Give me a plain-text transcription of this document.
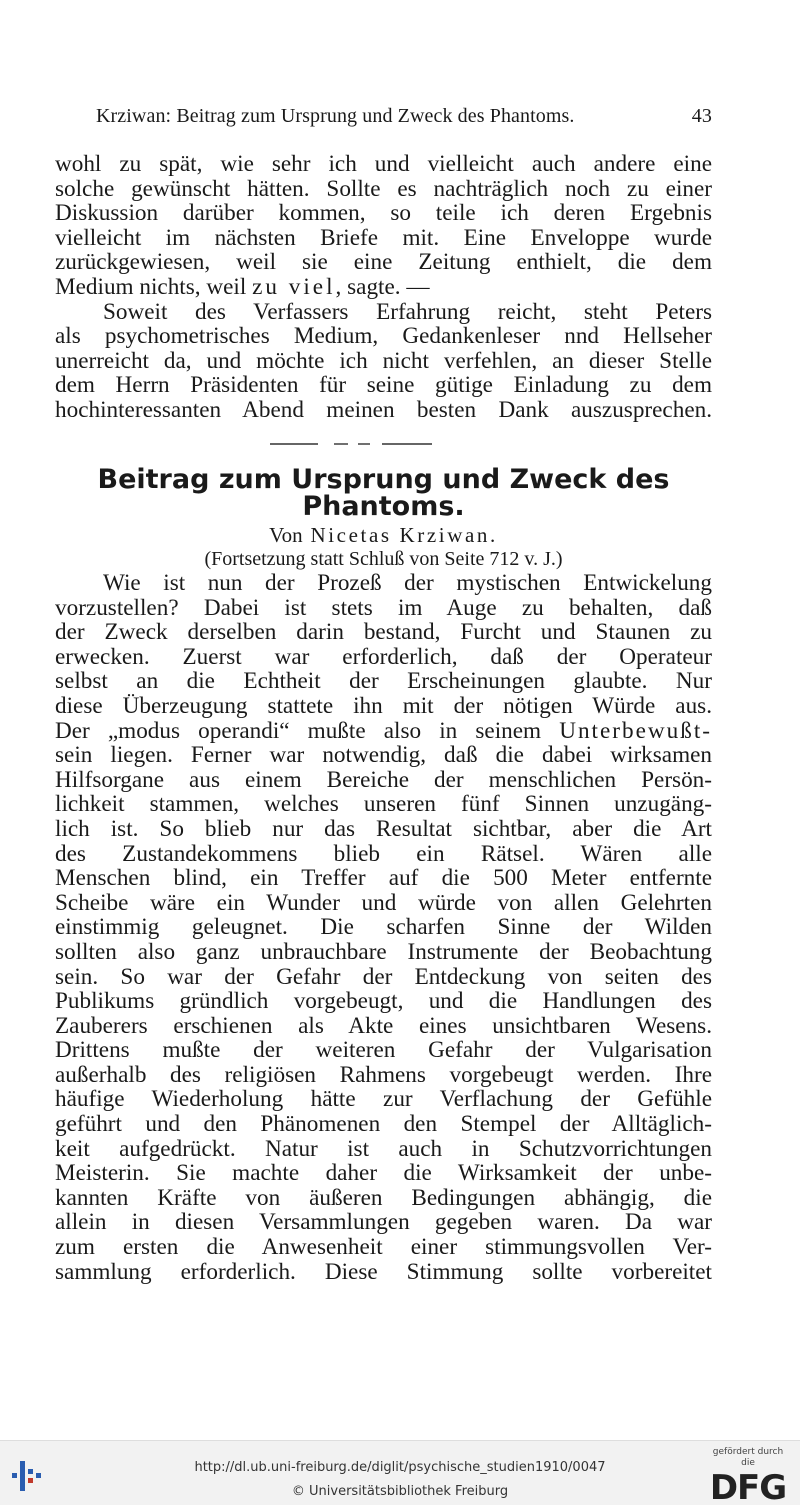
Krziwan: Beitrag zum Ursprung und Zweck des Phantoms.	43

wohl zu spät, wie sehr ich und vielleicht auch andere eine

solche gewünscht hätten. Sollte es nachträglich noch zu einer

Diskussion darüber kommen, so teile ich deren Ergebnis

vielleicht im nächsten Briefe mit. Eine Enveloppe wurde

zurückgewiesen, weil sie eine Zeitung enthielt, die dem

Medium nichts, weil zu viel, sagte. —

Soweit des Verfassers Erfahrung reicht, steht Peters

als psychometrisches Medium, Gedankenleser nnd Hellseher

unerreicht da, und möchte ich nicht verfehlen, an dieser Stelle

dem Herrn Präsidenten für seine gütige Einladung zu dem

hochinteressanten Abend meinen besten Dank auszusprechen.

Beitrag zum Ursprung und Zweck des
Phantoms.
Von Nicetas Krziwan.
(Fortsetzung statt Schluß von Seite 712 v. J.)

Wie ist nun der Prozeß der mystischen Entwickelung

vorzustellen? Dabei ist stets im Auge zu behalten, daß

der Zweck derselben darin bestand, Furcht und Staunen zu

erwecken. Zuerst war erforderlich, daß der Operateur

selbst an die Echtheit der Erscheinungen glaubte. Nur

diese Überzeugung stattete ihn mit der nötigen Würde aus.

Der „modus operandi“ mußte also in seinem Unterbewußt-

sein liegen. Ferner war notwendig, daß die dabei wirksamen

Hilfsorgane aus einem Bereiche der menschlichen Persön-

lichkeit stammen, welches unseren fünf Sinnen unzugäng-

lich ist. So blieb nur das Resultat sichtbar, aber die Art

des Zustandekommens blieb ein Rätsel. Wären alle

Menschen blind, ein Treffer auf die 500 Meter entfernte

Scheibe wäre ein Wunder und würde von allen Gelehrten

einstimmig geleugnet. Die scharfen Sinne der Wilden

sollten also ganz unbrauchbare Instrumente der Beobachtung

sein. So war der Gefahr der Entdeckung von seiten des

Publikums gründlich vorgebeugt, und die Handlungen des

Zauberers erschienen als Akte eines unsichtbaren Wesens.

Drittens mußte der weiteren Gefahr der Vulgarisation

außerhalb des religiösen Rahmens vorgebeugt werden. Ihre

häufige Wiederholung hätte zur Verflachung der Gefühle

geführt und den Phänomenen den Stempel der Alltäglich-

keit aufgedrückt. Natur ist auch in Schutzvorrichtungen

Meisterin. Sie machte daher die Wirksamkeit der unbe-

kannten Kräfte von äußeren Bedingungen abhängig, die

allein in diesen Versammlungen gegeben waren. Da war

zum ersten die Anwesenheit einer stimmungsvollen Ver-

sammlung erforderlich. Diese Stimmung sollte vorbereitet

http://dl.ub.uni-freiburg.de/diglit/psychische_studien1910/0047
© Universitätsbibliothek Freiburg
gefördert durch die
DFG
